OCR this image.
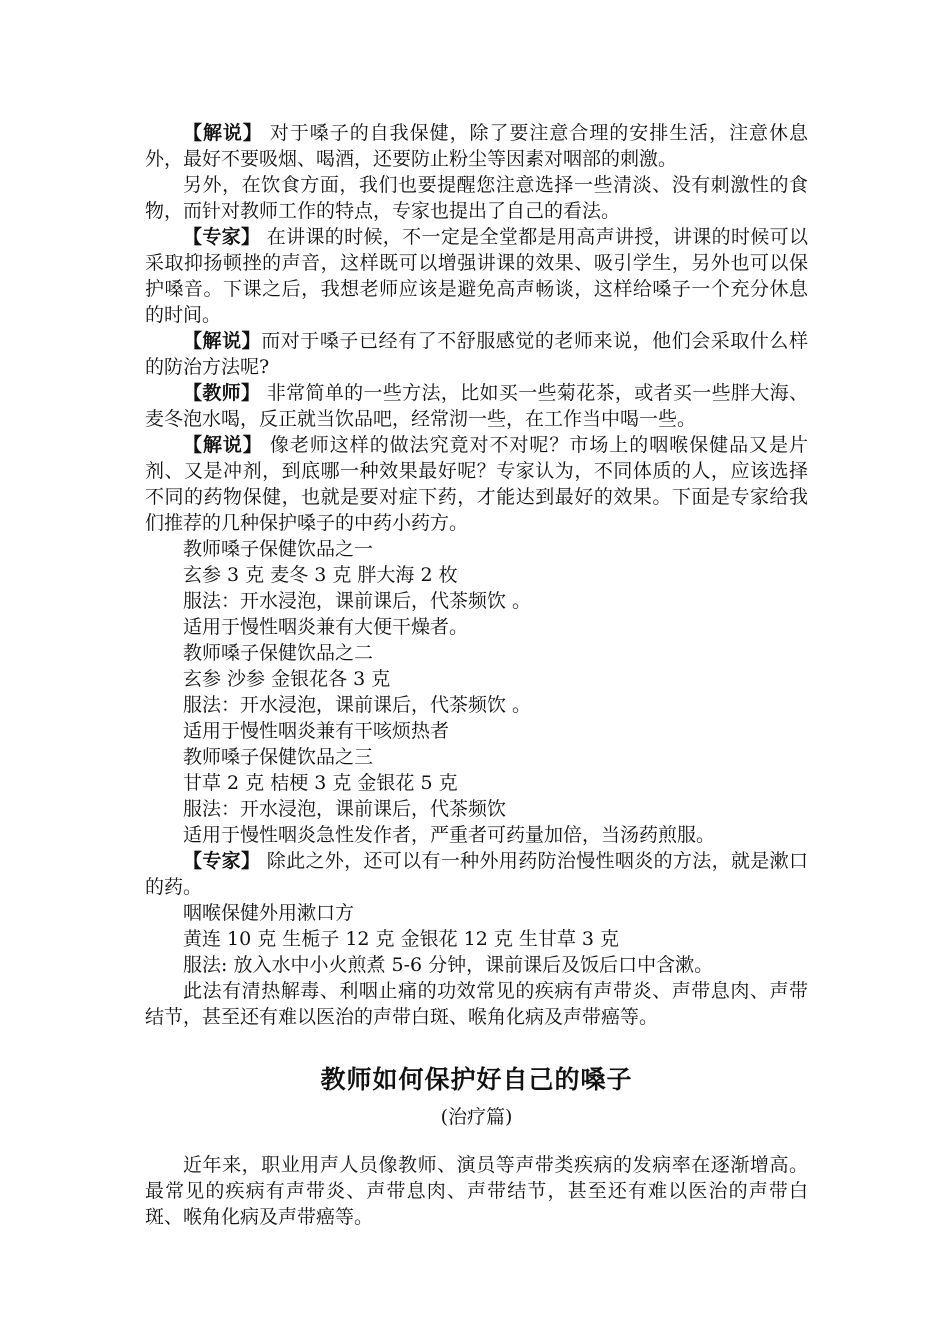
【解说】 对于嗓子的自我保健，除了要注意合理的安排生活，注意休息外，最好不要吸烟、喝酒，还要防止粉尘等因素对咽部的刺激。

另外，在饮食方面，我们也要提醒您注意选择一些清淡、没有刺激性的食物，而针对教师工作的特点，专家也提出了自己的看法。

【专家】 在讲课的时候，不一定是全堂都是用高声讲授，讲课的时候可以采取抑扬顿挫的声音，这样既可以增强讲课的效果、吸引学生，另外也可以保护嗓音。下课之后，我想老师应该是避免高声畅谈，这样给嗓子一个充分休息的时间。

【解说】而对于嗓子已经有了不舒服感觉的老师来说，他们会采取什么样的防治方法呢?

【教师】 非常简单的一些方法，比如买一些菊花茶，或者买一些胖大海、麦冬泡水喝，反正就当饮品吧，经常沏一些，在工作当中喝一些。

【解说】 像老师这样的做法究竟对不对呢？市场上的咽喉保健品又是片剂、又是冲剂，到底哪一种效果最好呢？专家认为，不同体质的人，应该选择不同的药物保健，也就是要对症下药，才能达到最好的效果。下面是专家给我们推荐的几种保护嗓子的中药小药方。

教师嗓子保健饮品之一

玄参 3 克 麦冬 3 克 胖大海 2 枚

服法：开水浸泡，课前课后，代茶频饮 。

适用于慢性咽炎兼有大便干燥者。

教师嗓子保健饮品之二

玄参 沙参 金银花各 3 克

服法：开水浸泡，课前课后，代茶频饮 。

适用于慢性咽炎兼有干咳烦热者

教师嗓子保健饮品之三

甘草 2 克 桔梗 3 克 金银花 5 克

服法：开水浸泡，课前课后，代茶频饮

适用于慢性咽炎急性发作者，严重者可药量加倍，当汤药煎服。

【专家】 除此之外，还可以有一种外用药防治慢性咽炎的方法，就是漱口的药。

咽喉保健外用漱口方

黄连 10 克 生栀子 12 克 金银花 12 克 生甘草 3 克

服法: 放入水中小火煎煮 5-6 分钟，课前课后及饭后口中含漱。

此法有清热解毒、利咽止痛的功效常见的疾病有声带炎、声带息肉、声带结节，甚至还有难以医治的声带白斑、喉角化病及声带癌等。

教师如何保护好自己的嗓子

(治疗篇)

近年来，职业用声人员像教师、演员等声带类疾病的发病率在逐渐增高。最常见的疾病有声带炎、声带息肉、声带结节，甚至还有难以医治的声带白斑、喉角化病及声带癌等。
